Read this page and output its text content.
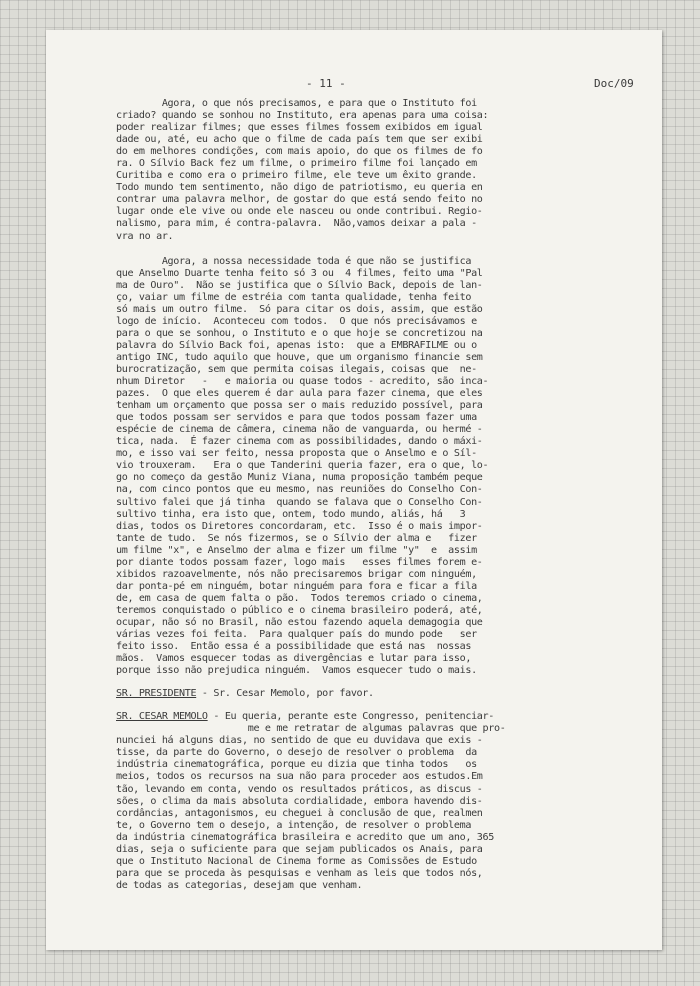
- 11 -	Doc/09
Agora, o que nós precisamos, e para que o Instituto foi
criado? quando se sonhou no Instituto, era apenas para uma coisa:
poder realizar filmes; que esses filmes fossem exibidos em igual
dade ou, até, eu acho que o filme de cada país tem que ser exibi
do em melhores condições, com mais apoio, do que os filmes de fo
ra. O Sílvio Back fez um filme, o primeiro filme foi lançado em
Curitiba e como era o primeiro filme, ele teve um êxito grande.
Todo mundo tem sentimento, não digo de patriotismo, eu queria en
contrar uma palavra melhor, de gostar do que está sendo feito no
lugar onde ele vive ou onde ele nasceu ou onde contribui. Regio-
nalismo, para mim, é contra-palavra.  Não,vamos deixar a pala -
vra no ar.
Agora, a nossa necessidade toda é que não se justifica
que Anselmo Duarte tenha feito só 3 ou  4 filmes, feito uma "Pal
ma de Ouro".  Não se justifica que o Sílvio Back, depois de lan-
ço, vaiar um filme de estréia com tanta qualidade, tenha feito
só mais um outro filme.  Só para citar os dois, assim, que estão
logo de início.  Aconteceu com todos.  O que nós precisávamos e
para o que se sonhou, o Instituto e o que hoje se concretizou na
palavra do Sílvio Back foi, apenas isto:  que a EMBRAFILME ou o
antigo INC, tudo aquilo que houve, que um organismo financie sem
burocratização, sem que permita coisas ilegais, coisas que  ne-
nhum Diretor   -   e maioria ou quase todos - acredito, são inca-
pazes.  O que eles querem é dar aula para fazer cinema, que eles
tenham um orçamento que possa ser o mais reduzido possível, para
que todos possam ser servidos e para que todos possam fazer uma
espécie de cinema de câmera, cinema não de vanguarda, ou hermé -
tica, nada.  É fazer cinema com as possibilidades, dando o máxi-
mo, e isso vai ser feito, nessa proposta que o Anselmo e o Síl-
vio trouxeram.   Era o que Tanderini queria fazer, era o que, lo-
go no começo da gestão Muniz Viana, numa proposição também peque
na, com cinco pontos que eu mesmo, nas reuniões do Conselho Con-
sultivo falei que já tinha  quando se falava que o Conselho Con-
sultivo tinha, era isto que, ontem, todo mundo, aliás, há   3
dias, todos os Diretores concordaram, etc.  Isso é o mais impor-
tante de tudo.  Se nós fizermos, se o Sílvio der alma e   fizer
um filme "x", e Anselmo der alma e fizer um filme "y"  e  assim
por diante todos possam fazer, logo mais   esses filmes forem e-
xibidos razoavelmente, nós não precisaremos brigar com ninguém,
dar ponta-pé em ninguém, botar ninguém para fora e ficar a fila
de, em casa de quem falta o pão.  Todos teremos criado o cinema,
teremos conquistado o público e o cinema brasileiro poderá, até,
ocupar, não só no Brasil, não estou fazendo aquela demagogia que
várias vezes foi feita.  Para qualquer país do mundo pode   ser
feito isso.  Então essa é a possibilidade que está nas  nossas
mãos.  Vamos esquecer todas as divergências e lutar para isso,
porque isso não prejudica ninguém.  Vamos esquecer tudo o mais.
SR. PRESIDENTE - Sr. Cesar Memolo, por favor.
SR. CESAR MEMOLO - Eu queria, perante este Congresso, penitenciar-
me e me retratar de algumas palavras que pro-
nunciei há alguns dias, no sentido de que eu duvidava que exis -
tisse, da parte do Governo, o desejo de resolver o problema  da
indústria cinematográfica, porque eu dizia que tinha todos   os
meios, todos os recursos na sua não para proceder aos estudos.Em
tão, levando em conta, vendo os resultados práticos, as discus -
sões, o clima da mais absoluta cordialidade, embora havendo dis-
cordâncias, antagonismos, eu cheguei à conclusão de que, realmen
te, o Governo tem o desejo, a intenção, de resolver o problema
da indústria cinematográfica brasileira e acredito que um ano, 365
dias, seja o suficiente para que sejam publicados os Anais, para
que o Instituto Nacional de Cinema forme as Comissões de Estudo
para que se proceda às pesquisas e venham as leis que todos nós,
de todas as categorias, desejam que venham.
